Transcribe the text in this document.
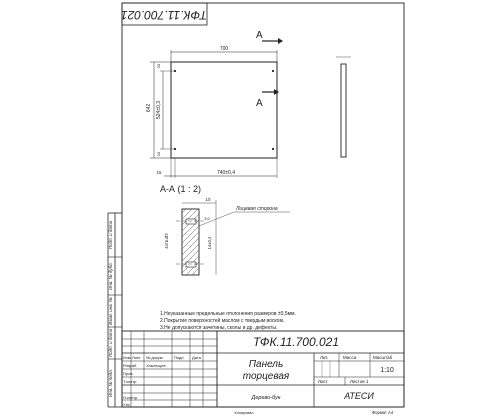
ТФК.11.700.021
Подп. и дата
Инв. № дубл.
Взам. инв. №
Подп. и дата
Инв. № подл.
700
642 524±0,3
20
20
740±0,4
15
А
А
А-А (1 : 2)
10
4отв.Ø2
3,0
14±0,4
Лицевая сторона
1.Неуказанные предельные отклонения размеров ±0,5мм.
2.Покрытие поверхностей маслом с твердым воском.
3.Не допускаются зачетины, сколы и др. дефекты.
ТФК.11.700.021
Панель
торцевая
Дерево-бук	АТЕСИ
Изм. Лист № докум.	Подп. Дата
Разраб. Хомльщев
Пров.
Т.контр.
Н.контр.
Утв.
Лит.	Масса	Масштаб
1:10
Лист	Листов 1
Копировал	Формат А4
